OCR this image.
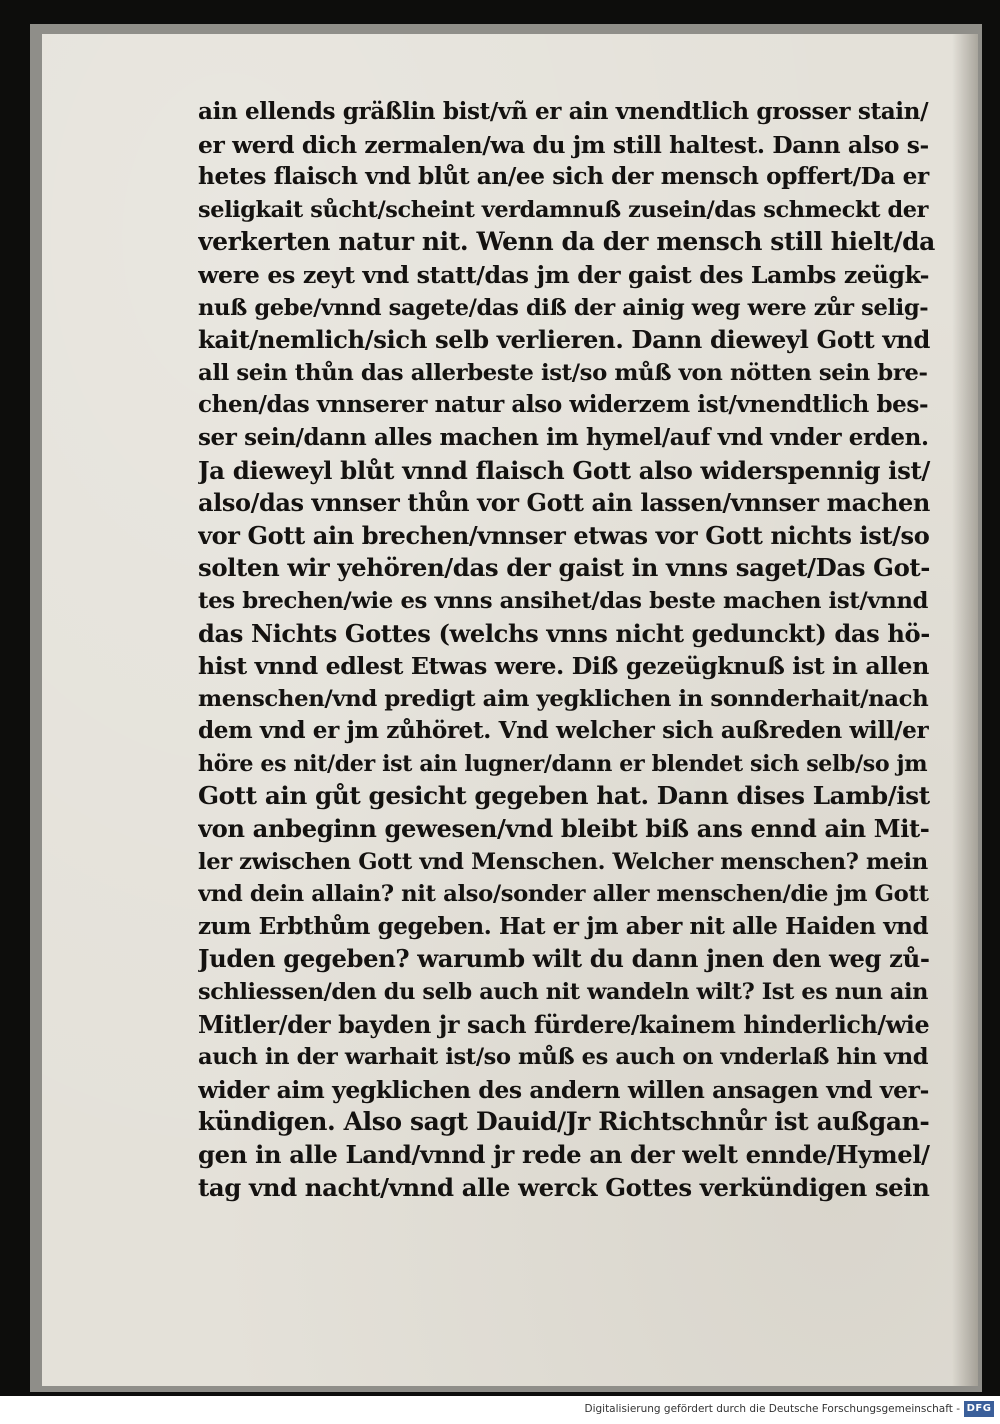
ain ellends gräßlin bist/vñ er ain vnendtlich grosser stain/
er werd dich zermalen/wa du jm still haltest. Dann also s-
hetes flaisch vnd blůt an/ee sich der mensch opffert/Da er
seligkait sůcht/scheint verdamnuß zusein/das schmeckt der
verkerten natur nit. Wenn da der mensch still hielt/da
were es zeyt vnd statt/das jm der gaist des Lambs zeügk-
nuß gebe/vnnd sagete/das diß der ainig weg were zůr selig-
kait/nemlich/sich selb verlieren. Dann dieweyl Gott vnd
all sein thůn das allerbeste ist/so můß von nötten sein bre-
chen/das vnnserer natur also widerzem ist/vnendtlich bes-
ser sein/dann alles machen im hymel/auf vnd vnder erden.
Ja dieweyl blůt vnnd flaisch Gott also widerspennig ist/
also/das vnnser thůn vor Gott ain lassen/vnnser machen
vor Gott ain brechen/vnnser etwas vor Gott nichts ist/so
solten wir yehören/das der gaist in vnns saget/Das Got-
tes brechen/wie es vnns ansihet/das beste machen ist/vnnd
das Nichts Gottes (welchs vnns nicht gedunckt) das hö-
hist vnnd edlest Etwas were. Diß gezeügknuß ist in allen
menschen/vnd predigt aim yegklichen in sonnderhait/nach
dem vnd er jm zůhöret. Vnd welcher sich außreden will/er
höre es nit/der ist ain lugner/dann er blendet sich selb/so jm
Gott ain gůt gesicht gegeben hat. Dann dises Lamb/ist
von anbeginn gewesen/vnd bleibt biß ans ennd ain Mit-
ler zwischen Gott vnd Menschen. Welcher menschen? mein
vnd dein allain? nit also/sonder aller menschen/die jm Gott
zum Erbthům gegeben. Hat er jm aber nit alle Haiden vnd
Juden gegeben? warumb wilt du dann jnen den weg zů-
schliessen/den du selb auch nit wandeln wilt? Ist es nun ain
Mitler/der bayden jr sach fürdere/kainem hinderlich/wie
auch in der warhait ist/so můß es auch on vnderlaß hin vnd
wider aim yegklichen des andern willen ansagen vnd ver-
kündigen. Also sagt Dauid/Jr Richtschnůr ist außgan-
gen in alle Land/vnnd jr rede an der welt ennde/Hymel/
tag vnd nacht/vnnd alle werck Gottes verkündigen sein
Digitalisierung gefördert durch die Deutsche Forschungsgemeinschaft - DFG
